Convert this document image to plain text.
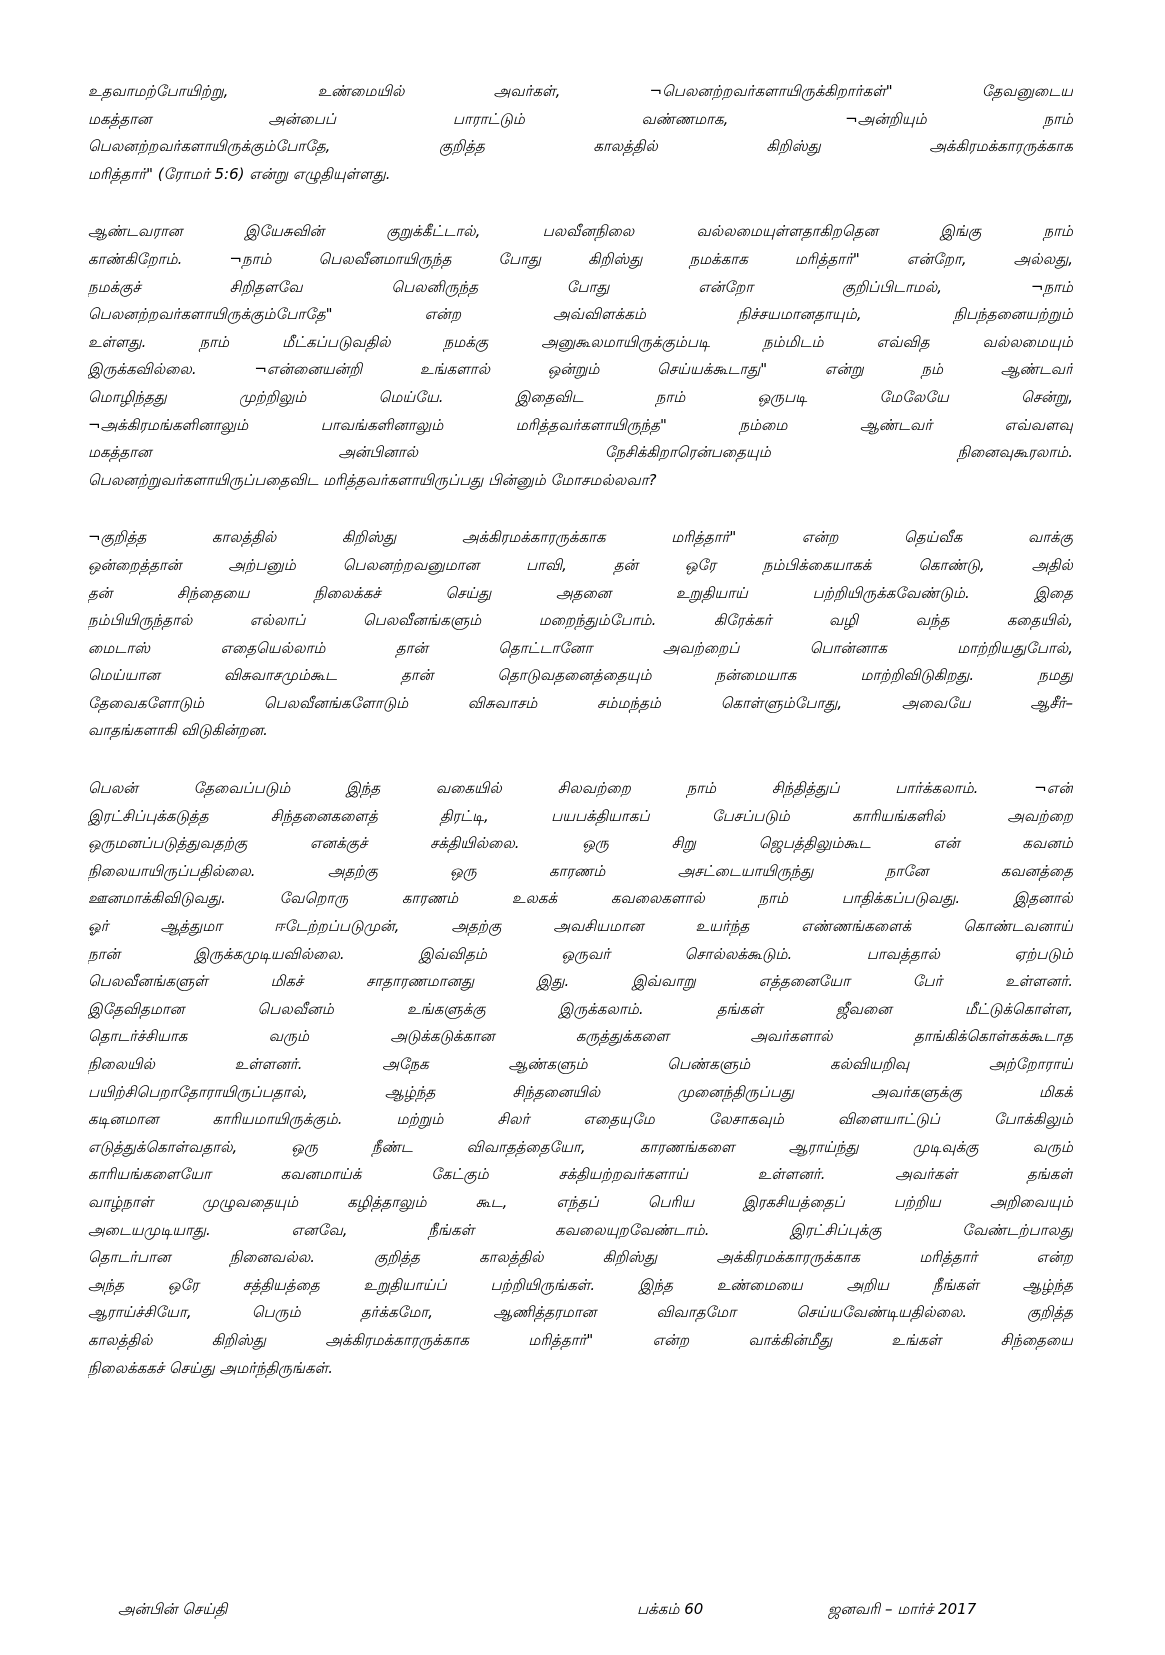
உதவாமற்போயிற்று, உண்மையில் அவர்கள், ¬பெலனற்றவர்களாயிருக்கிறார்கள்" தேவனுடைய
மகத்தான அன்பைப் பாராட்டும் வண்ணமாக, ¬அன்றியும் நாம்
பெலனற்றவர்களாயிருக்கும்போதே, குறித்த காலத்தில் கிறிஸ்து அக்கிரமக்காரருக்காக
மரித்தார்" (ரோமர் 5:6) என்று எழுதியுள்ளது.
ஆண்டவரான இயேசுவின் குறுக்கீட்டால், பலவீனநிலை வல்லமையுள்ளதாகிறதென இங்கு நாம்
காண்கிறோம். ¬நாம் பெலவீனமாயிருந்த போது கிறிஸ்து நமக்காக மரித்தார்" என்றோ, அல்லது,
நமக்குச் சிறிதளவே பெலனிருந்த போது என்றோ குறிப்பிடாமல், ¬நாம்
பெலனற்றவர்களாயிருக்கும்போதே" என்ற அவ்விளக்கம் நிச்சயமானதாயும், நிபந்தனையற்றும்
உள்ளது. நாம் மீட்கப்படுவதில் நமக்கு அனுகூலமாயிருக்கும்படி நம்மிடம் எவ்வித வல்லமையும்
இருக்கவில்லை. ¬என்னையன்றி உங்களால் ஒன்றும் செய்யக்கூடாது" என்று நம் ஆண்டவர்
மொழிந்தது முற்றிலும் மெய்யே. இதைவிட நாம் ஒருபடி மேலேயே சென்று,
¬அக்கிரமங்களினாலும் பாவங்களினாலும் மரித்தவர்களாயிருந்த" நம்மை ஆண்டவர் எவ்வளவு
மகத்தான அன்பினால் நேசிக்கிறாரென்பதையும் நினைவுகூரலாம்.
பெலனற்றுவர்களாயிருப்பதைவிட மரித்தவர்களாயிருப்பது பின்னும் மோசமல்லவா?
¬குறித்த காலத்தில் கிறிஸ்து அக்கிரமக்காரருக்காக மரித்தார்" என்ற தெய்வீக வாக்கு
ஒன்றைத்தான் அற்பனும் பெலனற்றவனுமான பாவி, தன் ஒரே நம்பிக்கையாகக் கொண்டு, அதில்
தன் சிந்தையை நிலைக்கச் செய்து அதனை உறுதியாய் பற்றியிருக்கவேண்டும். இதை
நம்பியிருந்தால் எல்லாப் பெலவீனங்களும் மறைந்தும்போம். கிரேக்கர் வழி வந்த கதையில்,
மைடாஸ் எதையெல்லாம் தான் தொட்டானோ அவற்றைப் பொன்னாக மாற்றியதுபோல்,
மெய்யான விசுவாசமும்கூட தான் தொடுவதனைத்தையும் நன்மையாக மாற்றிவிடுகிறது. நமது
தேவைகளோடும் பெலவீனங்களோடும் விசுவாசம் சம்மந்தம் கொள்ளும்போது, அவையே ஆசீர்–
வாதங்களாகி விடுகின்றன.
பெலன் தேவைப்படும் இந்த வகையில் சிலவற்றை நாம் சிந்தித்துப் பார்க்கலாம். ¬என்
இரட்சிப்புக்கடுத்த சிந்தனைகளைத் திரட்டி, பயபக்தியாகப் பேசப்படும் காரியங்களில் அவற்றை
ஒருமனப்படுத்துவதற்கு எனக்குச் சக்தியில்லை. ஒரு சிறு ஜெபத்திலும்கூட என் கவனம்
நிலையாயிருப்பதில்லை. அதற்கு ஒரு காரணம் அசட்டையாயிருந்து நானே கவனத்தை
ஊனமாக்கிவிடுவது. வேறொரு காரணம் உலகக் கவலைகளால் நாம் பாதிக்கப்படுவது. இதனால்
ஓர் ஆத்துமா ஈடேற்றப்படுமுன், அதற்கு அவசியமான உயர்ந்த எண்ணங்களைக் கொண்டவனாய்
நான் இருக்கமுடியவில்லை. இவ்விதம் ஒருவர் சொல்லக்கூடும். பாவத்தால் ஏற்படும்
பெலவீனங்களுள் மிகச் சாதாரணமானது இது. இவ்வாறு எத்தனையோ பேர் உள்ளனர்.
இதேவிதமான பெலவீனம் உங்களுக்கு இருக்கலாம். தங்கள் ஜீவனை மீட்டுக்கொள்ள,
தொடர்ச்சியாக வரும் அடுக்கடுக்கான கருத்துக்களை அவர்களால் தாங்கிக்கொள்கக்கூடாத
நிலையில் உள்ளனர். அநேக ஆண்களும் பெண்களும் கல்வியறிவு அற்றோராய்
பயிற்சிபெறாதோராயிருப்பதால், ஆழ்ந்த சிந்தனையில் முனைந்திருப்பது அவர்களுக்கு மிகக்
கடினமான காரியமாயிருக்கும். மற்றும் சிலர் எதையுமே லேசாகவும் விளையாட்டுப் போக்கிலும்
எடுத்துக்கொள்வதால், ஒரு நீண்ட விவாதத்தையோ, காரணங்களை ஆராய்ந்து முடிவுக்கு வரும்
காரியங்களையோ கவனமாய்க் கேட்கும் சக்தியற்றவர்களாய் உள்ளனர். அவர்கள் தங்கள்
வாழ்நாள் முழுவதையும் கழித்தாலும் கூட, எந்தப் பெரிய இரகசியத்தைப் பற்றிய அறிவையும்
அடையமுடியாது. எனவே, நீங்கள் கவலையுறவேண்டாம். இரட்சிப்புக்கு வேண்டற்பாலது
தொடர்பான நினைவல்ல. குறித்த காலத்தில் கிறிஸ்து அக்கிரமக்காரருக்காக மரித்தார் என்ற
அந்த ஒரே சத்தியத்தை உறுதியாய்ப் பற்றியிருங்கள். இந்த உண்மையை அறிய நீங்கள் ஆழ்ந்த
ஆராய்ச்சியோ, பெரும் தர்க்கமோ, ஆணித்தரமான விவாதமோ செய்யவேண்டியதில்லை. குறித்த
காலத்தில் கிறிஸ்து அக்கிரமக்காரருக்காக மரித்தார்" என்ற வாக்கின்மீது உங்கள் சிந்தையை
நிலைக்ககச் செய்து அமர்ந்திருங்கள்.
அன்பின் செய்தி	பக்கம் 60	ஜனவரி – மார்ச் 2017
